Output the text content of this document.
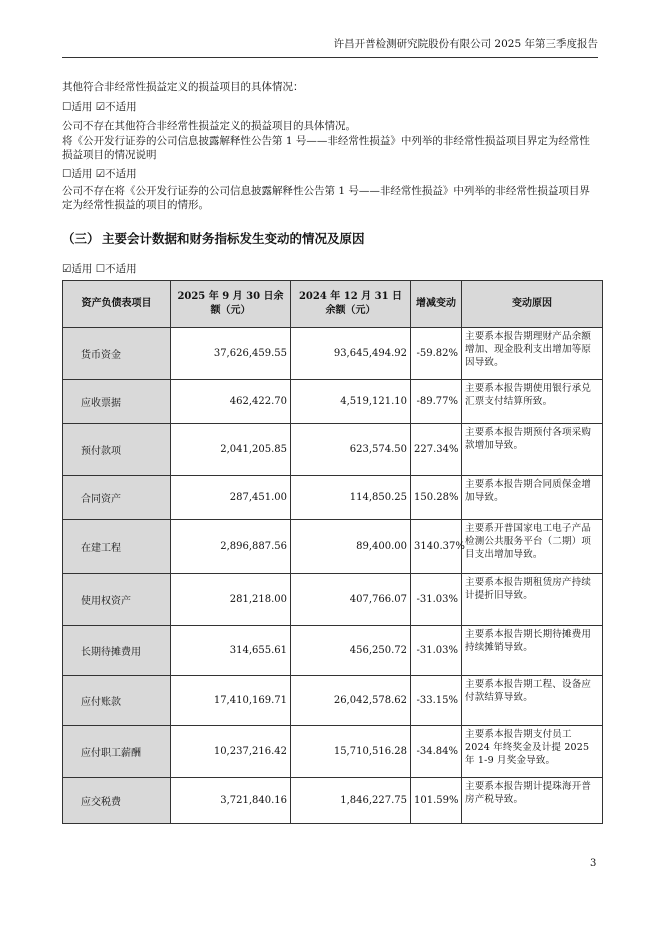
许昌开普检测研究院股份有限公司 2025 年第三季度报告
其他符合非经常性损益定义的损益项目的具体情况：
☐适用 ☑不适用
公司不存在其他符合非经常性损益定义的损益项目的具体情况。
将《公开发行证券的公司信息披露解释性公告第 1 号——非经常性损益》中列举的非经常性损益项目界定为经常性损益项目的情况说明
☐适用 ☑不适用
公司不存在将《公开发行证券的公司信息披露解释性公告第 1 号——非经常性损益》中列举的非经常性损益项目界定为经常性损益的项目的情形。
（三） 主要会计数据和财务指标发生变动的情况及原因
☑适用 ☐不适用
资产负债表项目	2025 年 9 月 30 日余额（元）	2024 年 12 月 31 日余额（元）	增减变动	变动原因
货币资金	37,626,459.55	93,645,494.92	-59.82%	主要系本报告期理财产品余额增加、现金股利支出增加等原因导致。
应收票据	462,422.70	4,519,121.10	-89.77%	主要系本报告期使用银行承兑汇票支付结算所致。
预付款项	2,041,205.85	623,574.50	227.34%	主要系本报告期预付各项采购款增加导致。
合同资产	287,451.00	114,850.25	150.28%	主要系本报告期合同质保金增加导致。
在建工程	2,896,887.56	89,400.00	3140.37%	主要系开普国家电工电子产品检测公共服务平台（二期）项目支出增加导致。
使用权资产	281,218.00	407,766.07	-31.03%	主要系本报告期租赁房产持续计提折旧导致。
长期待摊费用	314,655.61	456,250.72	-31.03%	主要系本报告期长期待摊费用持续摊销导致。
应付账款	17,410,169.71	26,042,578.62	-33.15%	主要系本报告期工程、设备应付款结算导致。
应付职工薪酬	10,237,216.42	15,710,516.28	-34.84%	主要系本报告期支付员工 2024 年终奖金及计提 2025 年 1-9 月奖金导致。
应交税费	3,721,840.16	1,846,227.75	101.59%	主要系本报告期计提珠海开普房产税导致。
3
